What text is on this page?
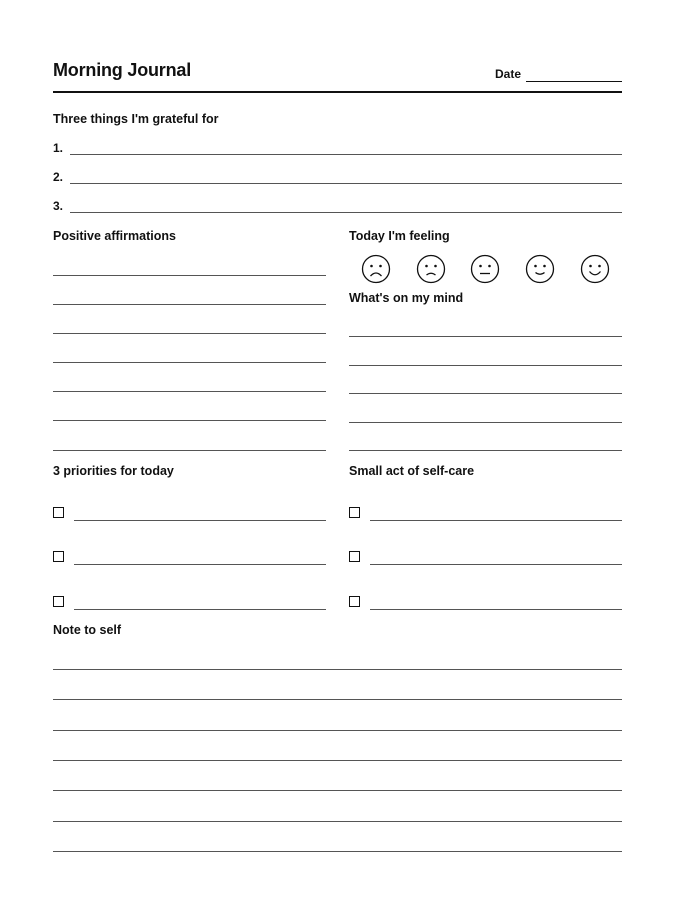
Morning Journal	Date
Three things I'm grateful for
1.
2.
3.
Positive affirmations	Today I'm feeling
What's on my mind
3 priorities for today	Small act of self-care
Note to self
